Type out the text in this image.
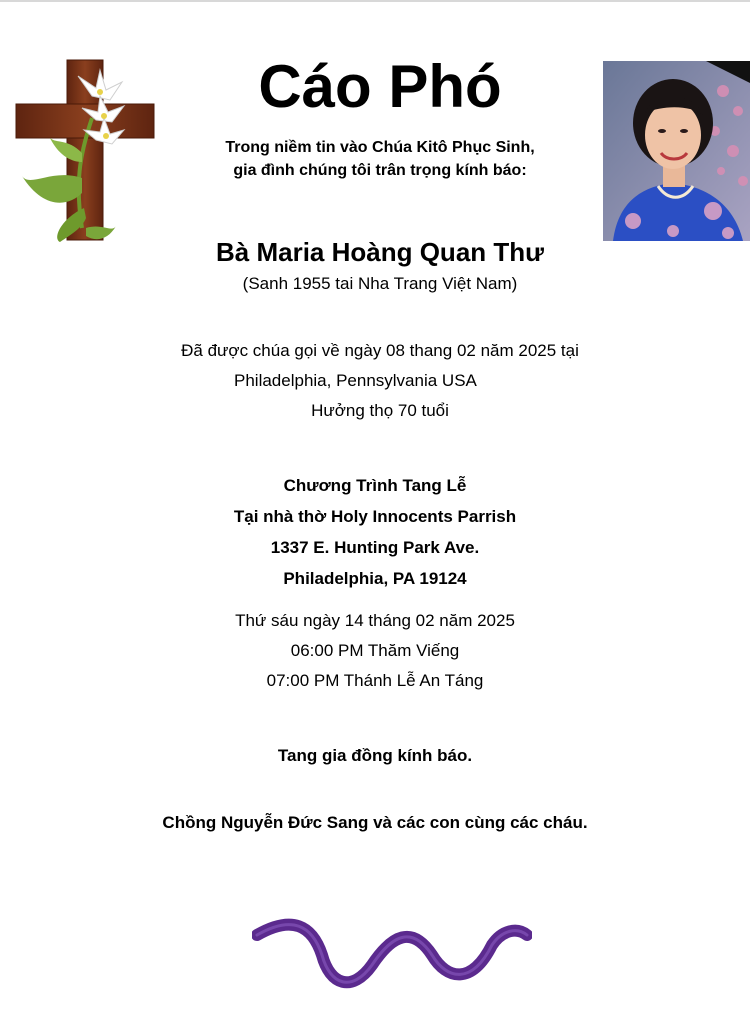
Cáo Phó
Trong niềm tin vào Chúa Kitô Phục Sinh,
gia đình chúng tôi trân trọng kính báo:
Bà Maria Hoàng Quan Thư
(Sanh 1955 tai Nha Trang Việt Nam)
Đã được chúa gọi về ngày 08 thang 02 năm 2025 tại
Philadelphia, Pennsylvania USA
Hưởng thọ 70 tuổi
Chương Trình Tang Lễ
Tại nhà thờ Holy Innocents Parrish
1337 E. Hunting Park Ave.
Philadelphia, PA 19124
Thứ sáu ngày 14 tháng 02 năm 2025
06:00 PM Thăm Viếng
07:00 PM Thánh Lễ An Táng
Tang gia đồng kính báo.
Chồng Nguyễn Đức Sang và các con cùng các cháu.
